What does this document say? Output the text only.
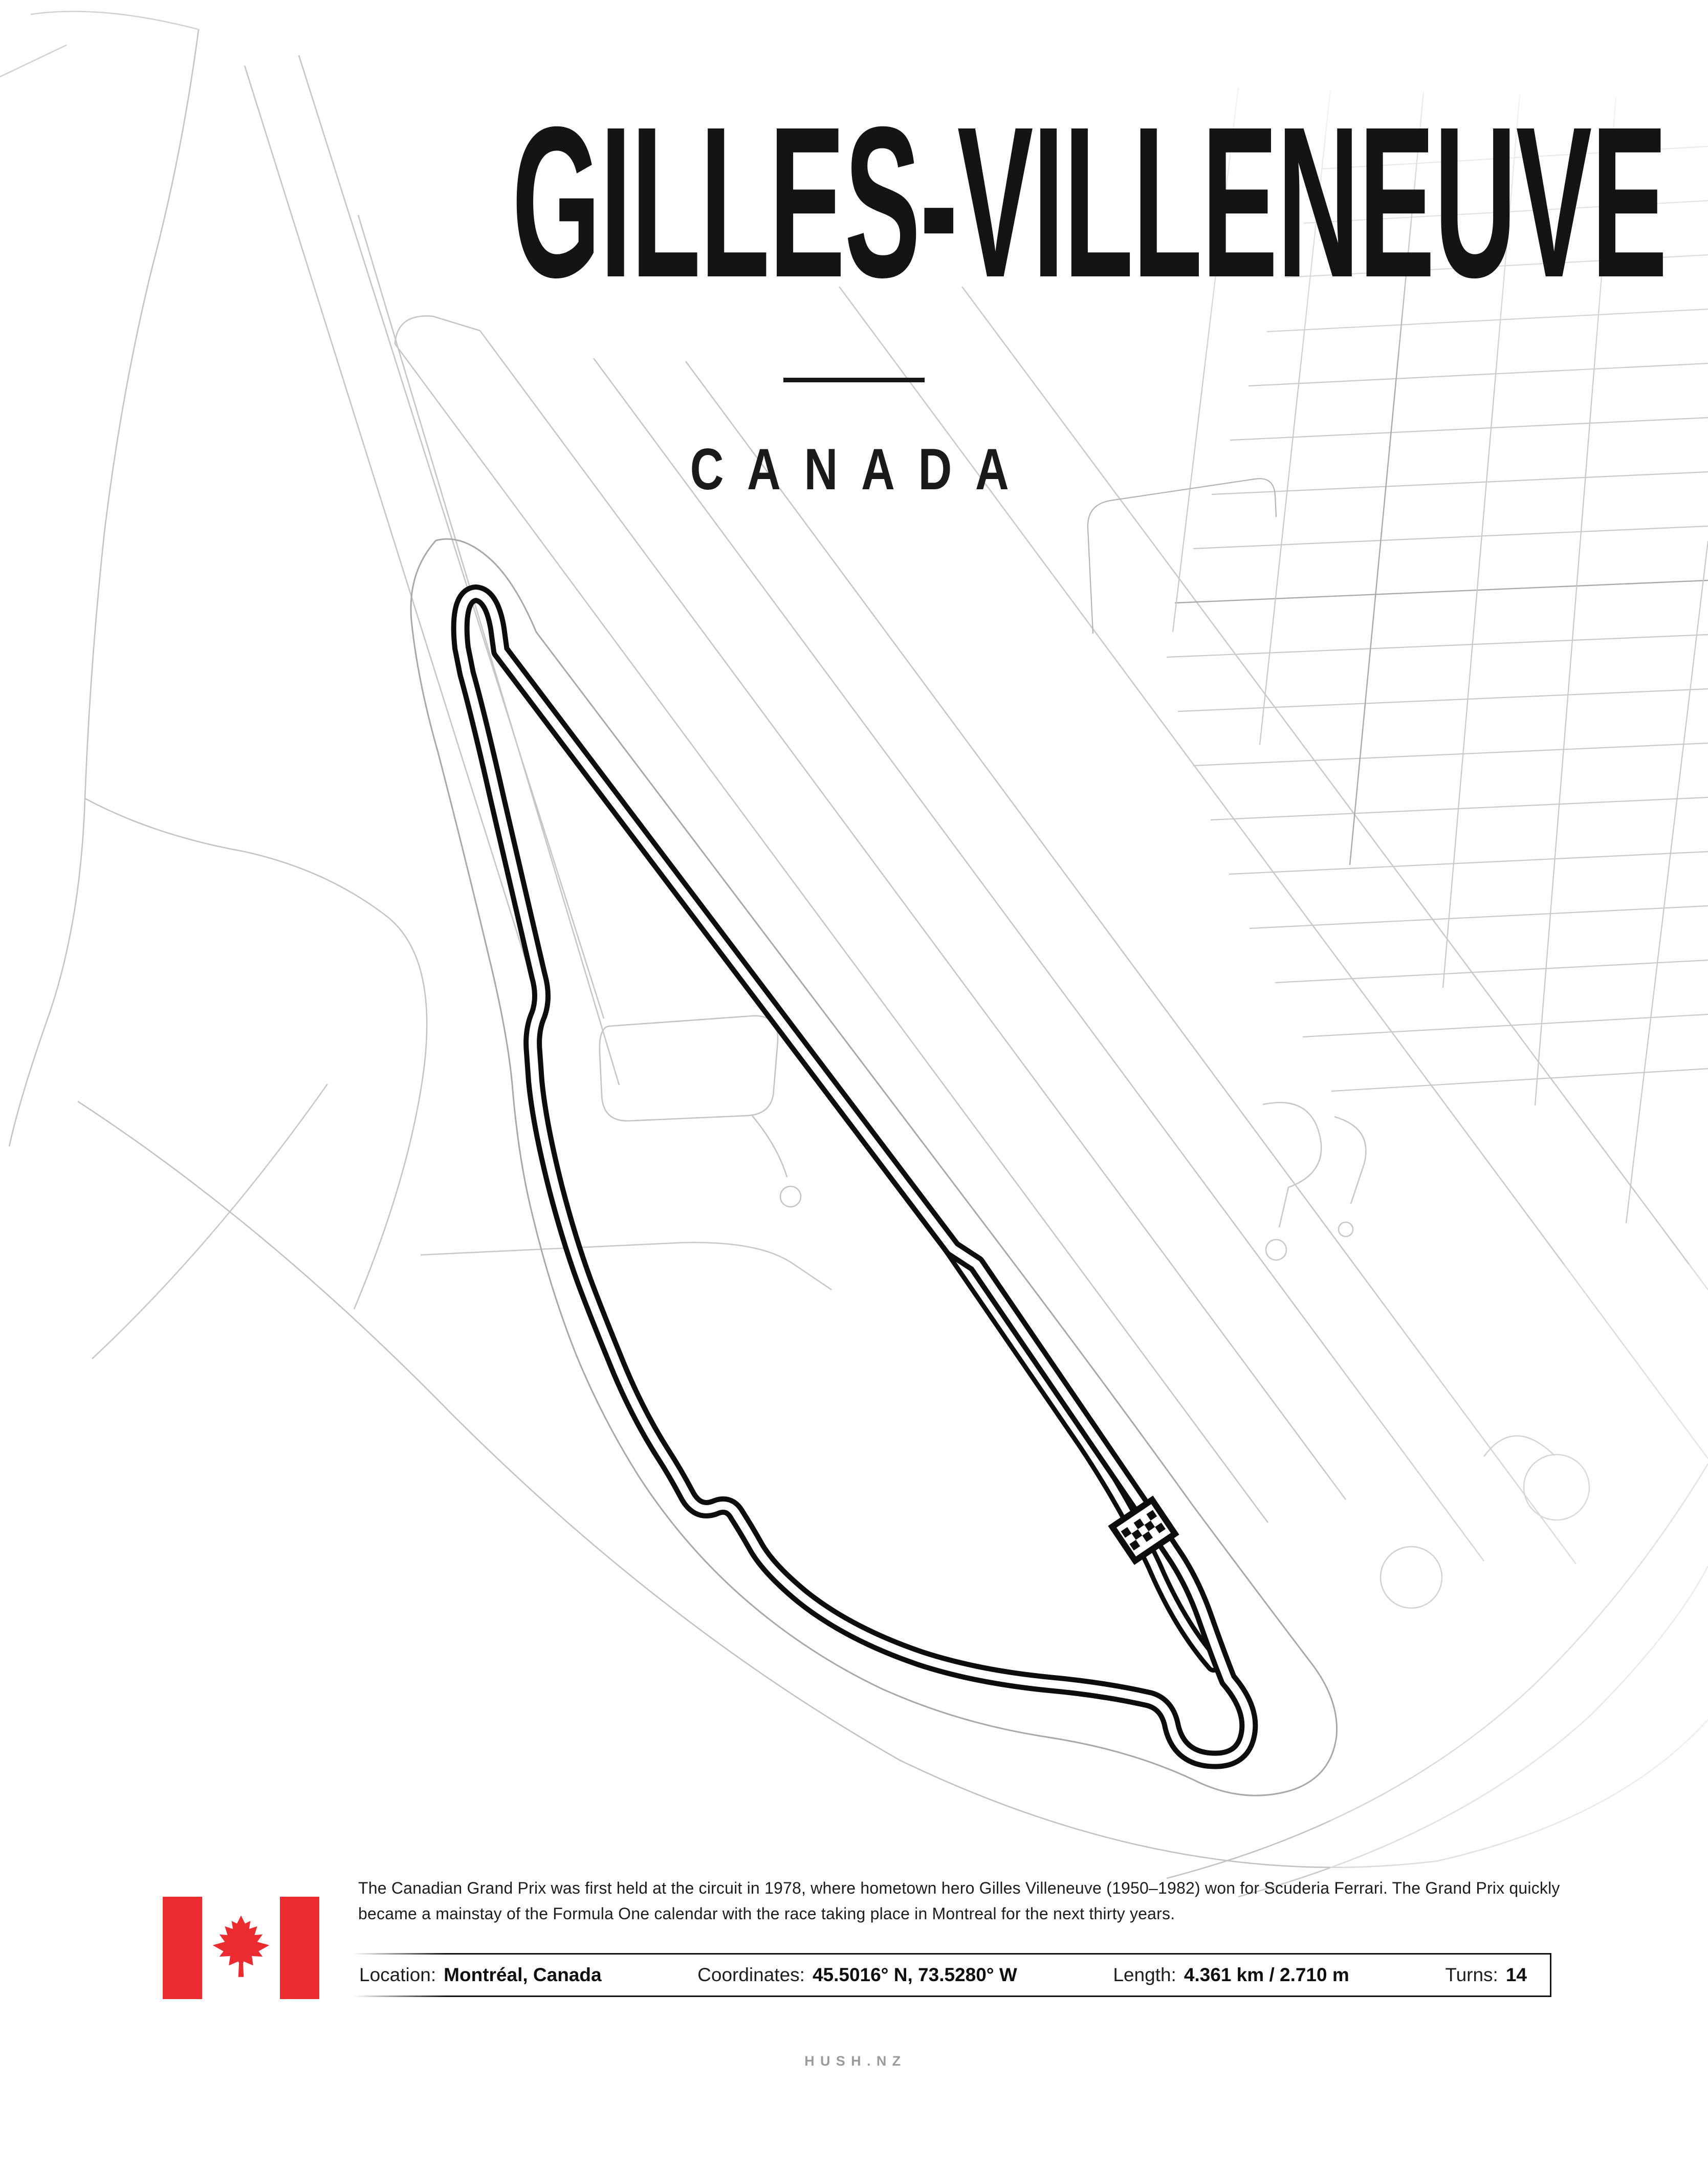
GILLES-VILLENEUVE
CANADA
The Canadian Grand Prix was first held at the circuit in 1978, where hometown hero Gilles Villeneuve (1950–1982) won for Scuderia Ferrari. The Grand Prix quickly became a mainstay of the Formula One calendar with the race taking place in Montreal for the next thirty years.
Location: Montréal, Canada	Coordinates: 45.5016° N, 73.5280° W	Length: 4.361 km / 2.710 m	Turns: 14
HUSH.NZ
